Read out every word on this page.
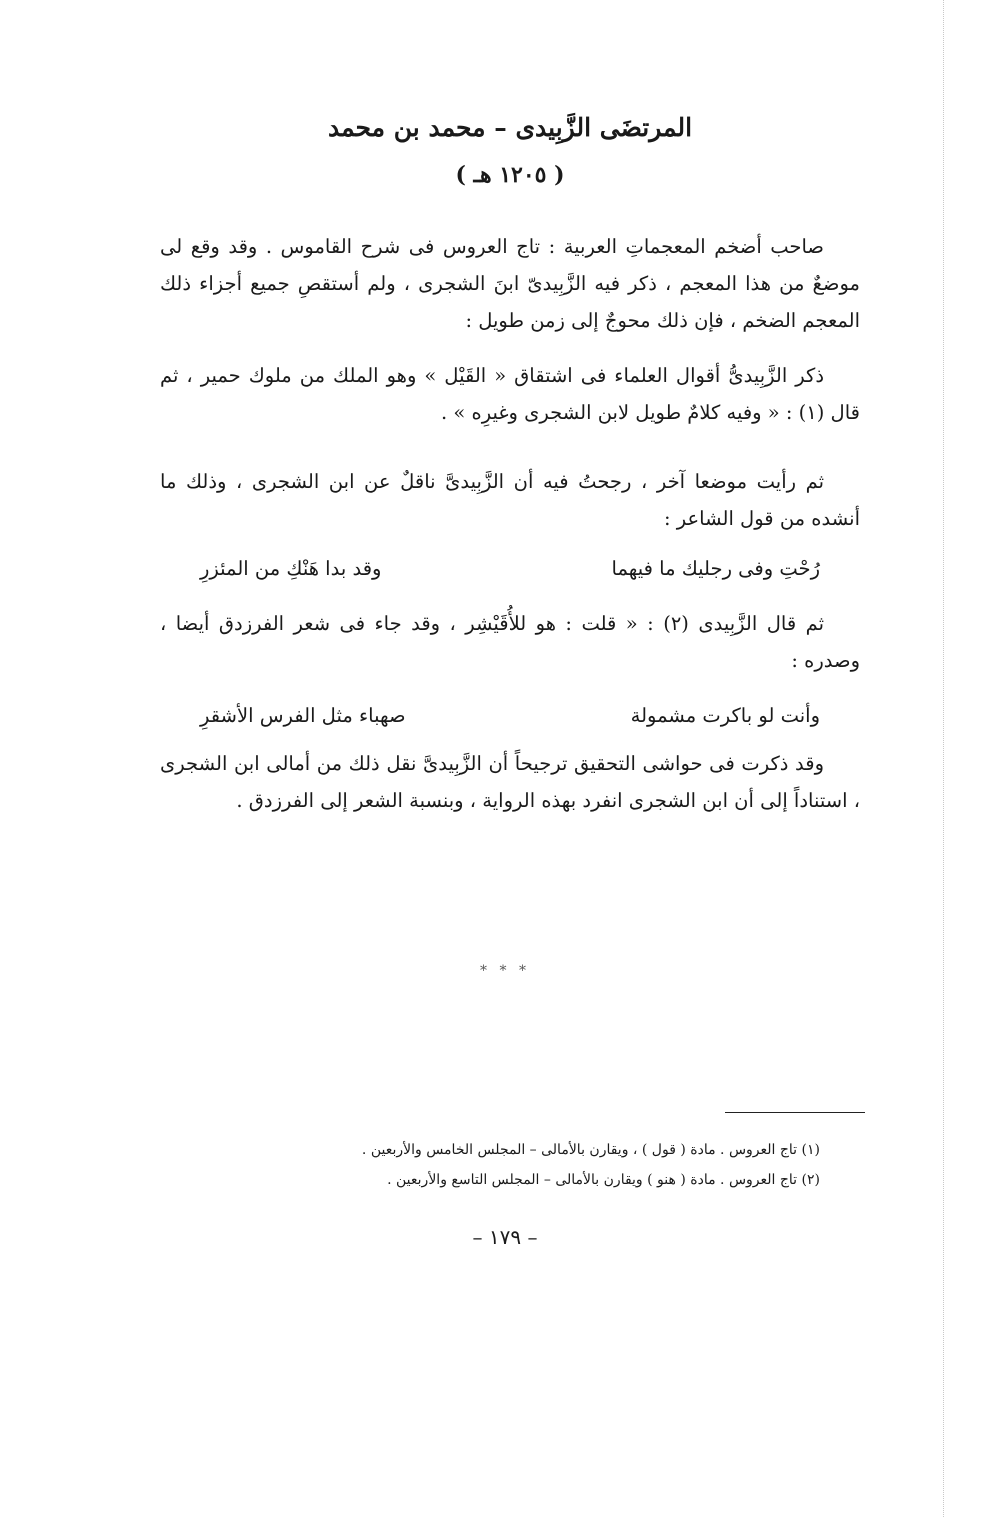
المرتضَى الزَّبِيدى – محمد بن محمد
( ١٢٠٥ هـ )

صاحب أضخم المعجماتِ العربية : تاج العروس فى شرح القاموس . وقد وقع لى موضعٌ من هذا المعجم ، ذكر فيه الزَّبِيدىّ ابنَ الشجرى ، ولم أستقصِ جميع أجزاء ذلك المعجم الضخم ، فإن ذلك محوجٌ إلى زمن طويل :

ذكر الزَّبِيدىُّ أقوال العلماء فى اشتقاق « القَيْل » وهو الملك من ملوك حمير ، ثم قال (١) : « وفيه كلامٌ طويل لابن الشجرى وغيرِه » .

ثم رأيت موضعا آخر ، رجحتُ فيه أن الزَّبِيدىَّ ناقلٌ عن ابن الشجرى ، وذلك ما أنشده من قول الشاعر :

رُحْتِ وفى رجليك ما فيهما
وقد بدا هَنْكِ من المئزرِ

ثم قال الزَّبِيدى (٢) : « قلت : هو للأُقَيْشِر ، وقد جاء فى شعر الفرزدق أيضا ، وصدره :

وأنت لو باكرت مشمولة
صهباء مثل الفرس الأشقرِ

وقد ذكرت فى حواشى التحقيق ترجيحاً أن الزَّبِيدىَّ نقل ذلك من أمالى ابن الشجرى ، استناداً إلى أن ابن الشجرى انفرد بهذه الرواية ، وبنسبة الشعر إلى الفرزدق .

* * *
(١) تاج العروس . مادة ( قول ) ، ويقارن بالأمالى – المجلس الخامس والأربعين .
(٢) تاج العروس . مادة ( هنو ) ويقارن بالأمالى – المجلس التاسع والأربعين .
– ١٧٩ –
